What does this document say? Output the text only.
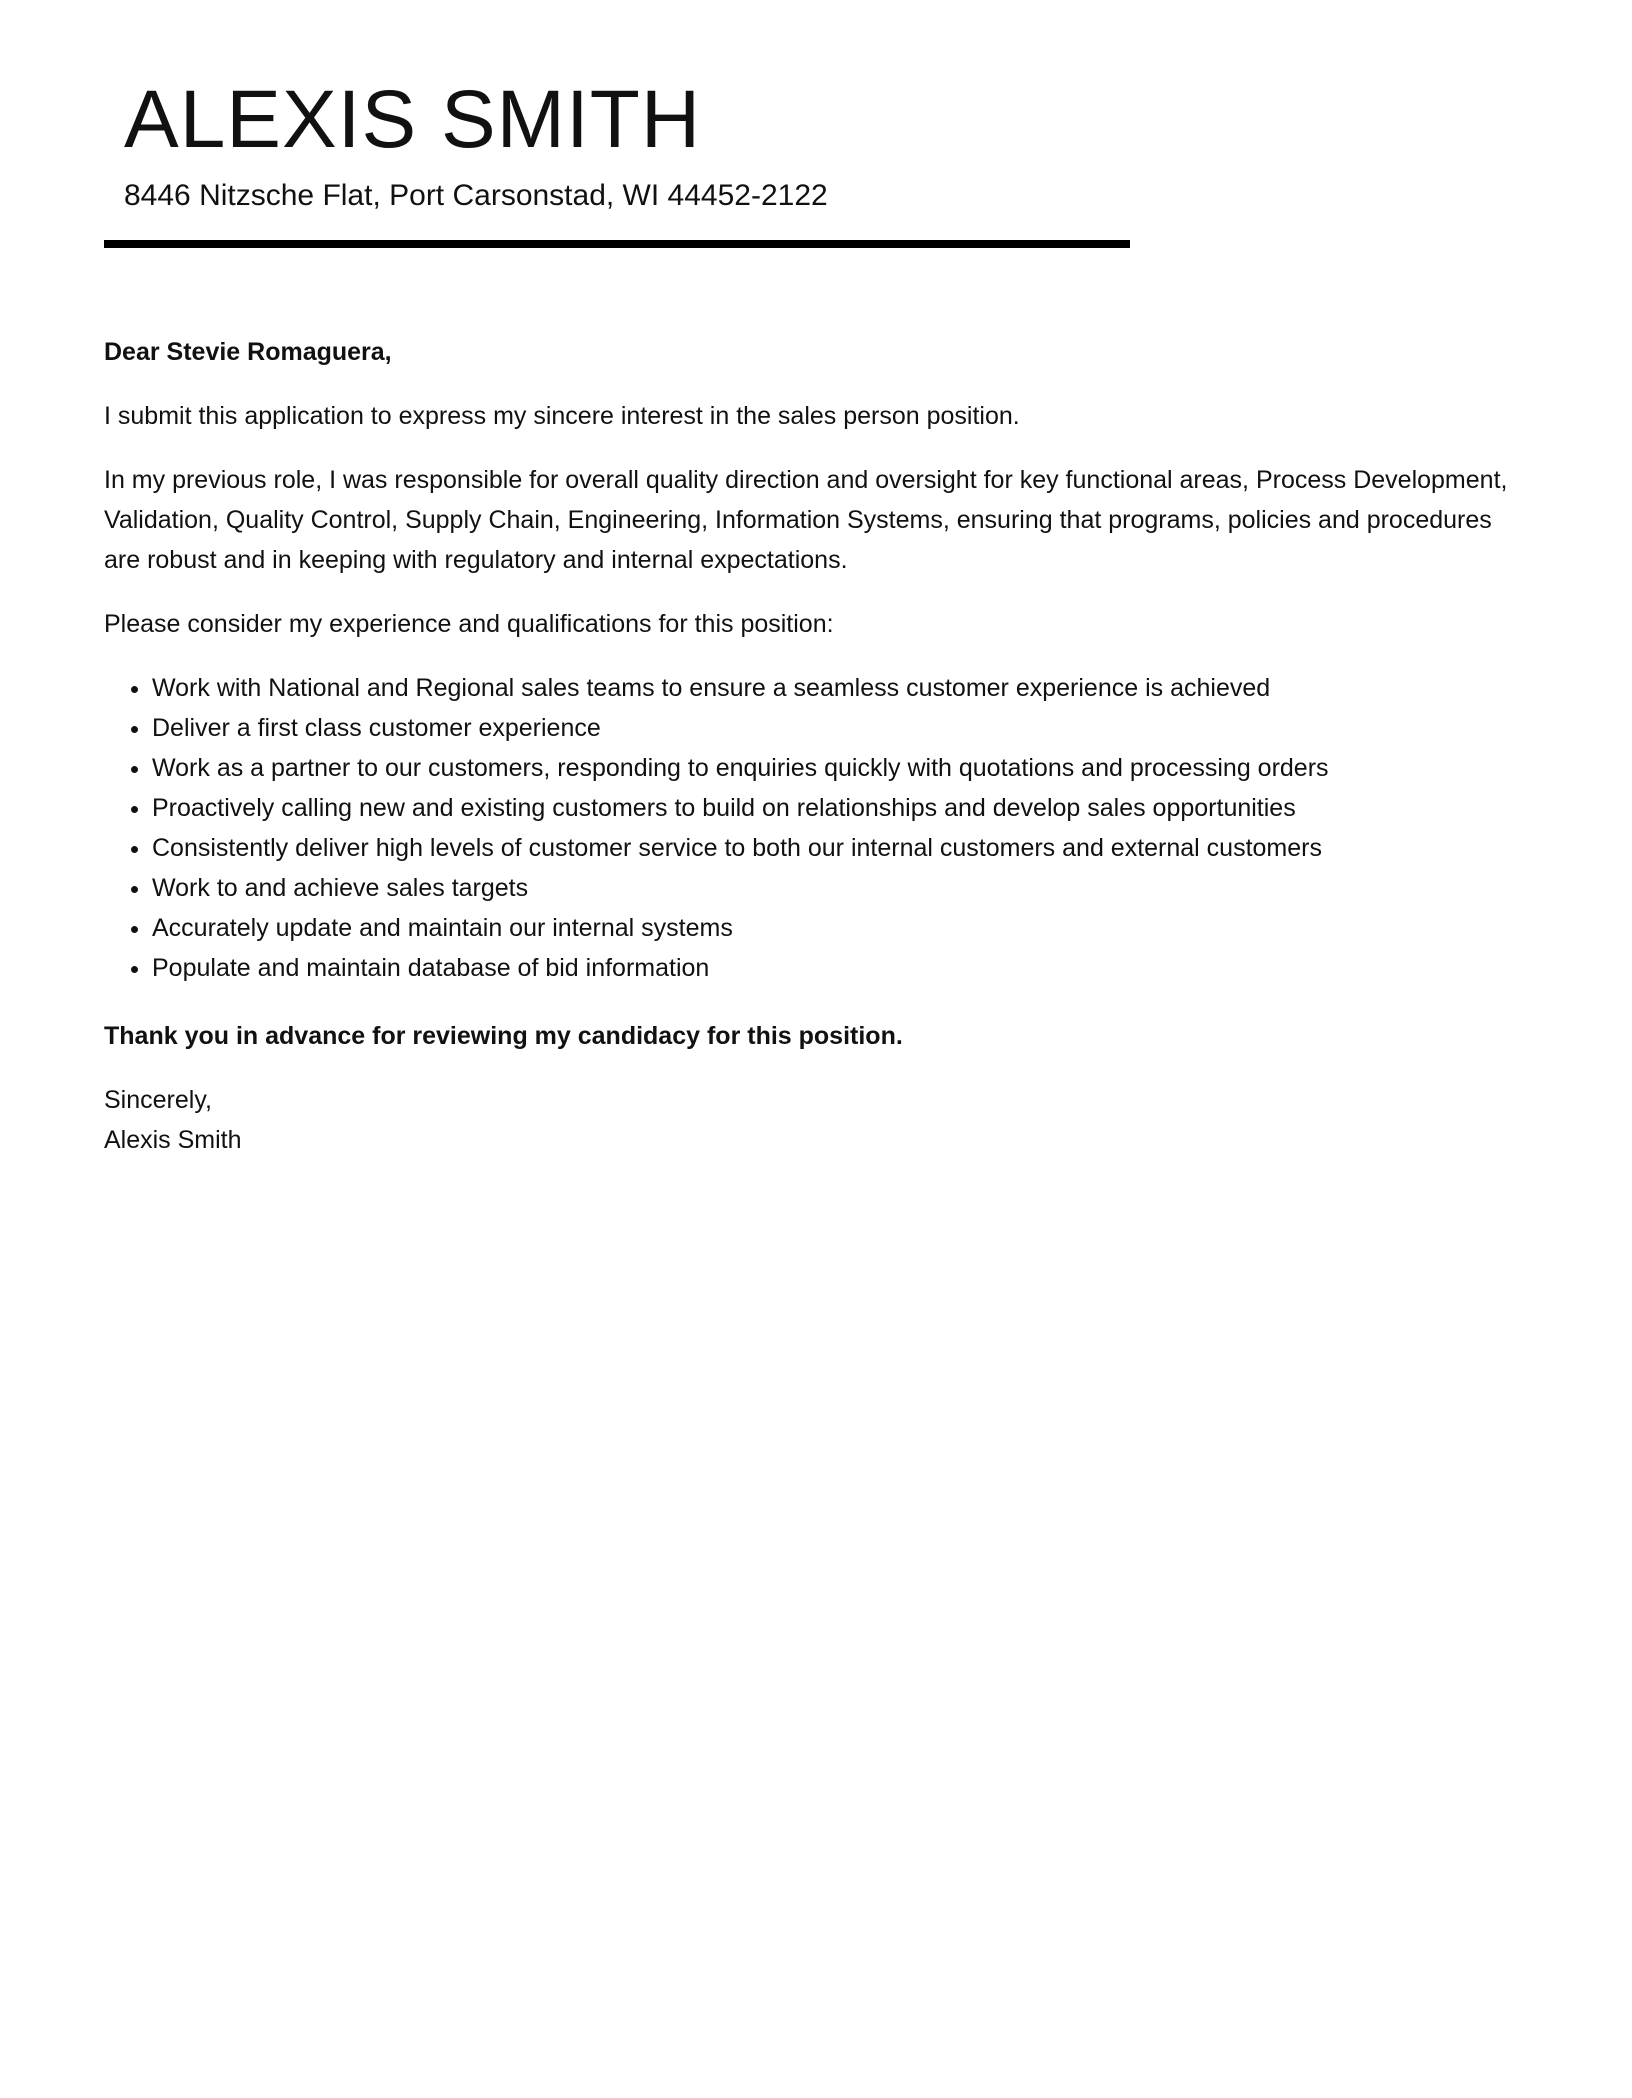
ALEXIS SMITH
8446 Nitzsche Flat, Port Carsonstad, WI 44452-2122

Dear Stevie Romaguera,

I submit this application to express my sincere interest in the sales person position.

In my previous role, I was responsible for overall quality direction and oversight for key functional areas, Process Development, Validation, Quality Control, Supply Chain, Engineering, Information Systems, ensuring that programs, policies and procedures are robust and in keeping with regulatory and internal expectations.

Please consider my experience and qualifications for this position:

• Work with National and Regional sales teams to ensure a seamless customer experience is achieved
• Deliver a first class customer experience
• Work as a partner to our customers, responding to enquiries quickly with quotations and processing orders
• Proactively calling new and existing customers to build on relationships and develop sales opportunities
• Consistently deliver high levels of customer service to both our internal customers and external customers
• Work to and achieve sales targets
• Accurately update and maintain our internal systems
• Populate and maintain database of bid information

Thank you in advance for reviewing my candidacy for this position.

Sincerely,
Alexis Smith
